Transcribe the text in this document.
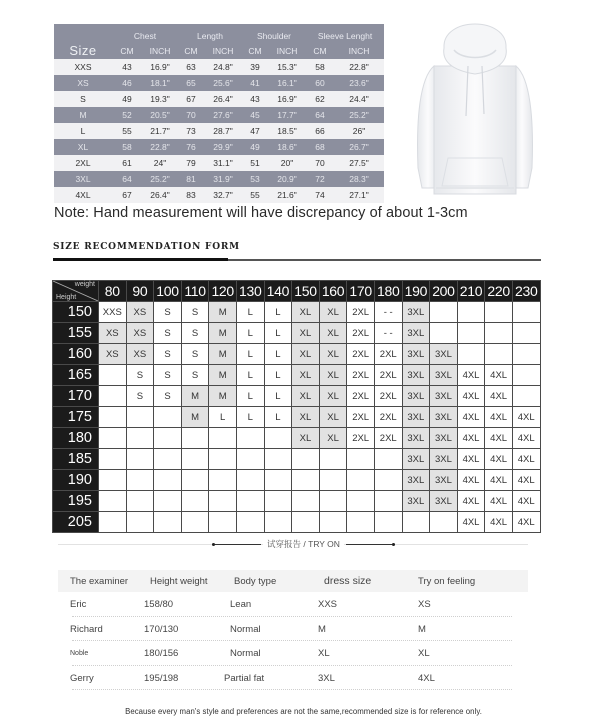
Size	Chest		Length		Shoulder		Sleeve Lenght	
	CM	INCH	CM	INCH	CM	INCH	CM	INCH
XXS	43	16.9"	63	24.8"	39	15.3"	58	22.8"
XS	46	18.1"	65	25.6"	41	16.1"	60	23.6"
S	49	19.3"	67	26.4"	43	16.9"	62	24.4"
M	52	20.5"	70	27.6"	45	17.7"	64	25.2"
L	55	21.7"	73	28.7"	47	18.5"	66	26"
XL	58	22.8"	76	29.9"	49	18.6"	68	26.7"
2XL	61	24"	79	31.1"	51	20"	70	27.5"
3XL	64	25.2"	81	31.9"	53	20.9"	72	28.3"
4XL	67	26.4"	83	32.7"	55	21.6"	74	27.1"
Note: Hand measurement will have discrepancy of about 1-3cm
SIZE RECOMMENDATION FORM
weight
Height	80	90	100	110	120	130	140	150	160	170	180	190	200	210	220	230
150	XXS	XS	S	S	M	L	L	XL	XL	2XL	- -	3XL				
155	XS	XS	S	S	M	L	L	XL	XL	2XL	- -	3XL				
160	XS	XS	S	S	M	L	L	XL	XL	2XL	2XL	3XL	3XL			
165		S	S	S	M	L	L	XL	XL	2XL	2XL	3XL	3XL	4XL	4XL	
170		S	S	M	M	L	L	XL	XL	2XL	2XL	3XL	3XL	4XL	4XL	
175				M	L	L	L	XL	XL	2XL	2XL	3XL	3XL	4XL	4XL	4XL
180								XL	XL	2XL	2XL	3XL	3XL	4XL	4XL	4XL
185												3XL	3XL	4XL	4XL	4XL
190												3XL	3XL	4XL	4XL	4XL
195												3XL	3XL	4XL	4XL	4XL
205														4XL	4XL	4XL
试穿报告 / TRY ON
The examiner Height weight	Body type	dress size	Try on feeling
Eric	158/80	Lean	XXS	XS
Richard	170/130	Normal	M	M
Noble	180/156	Normal	XL	XL
Gerry	195/198	Partial fat	3XL	4XL
Because every man's style and preferences are not the same,recommended size is for reference only.
